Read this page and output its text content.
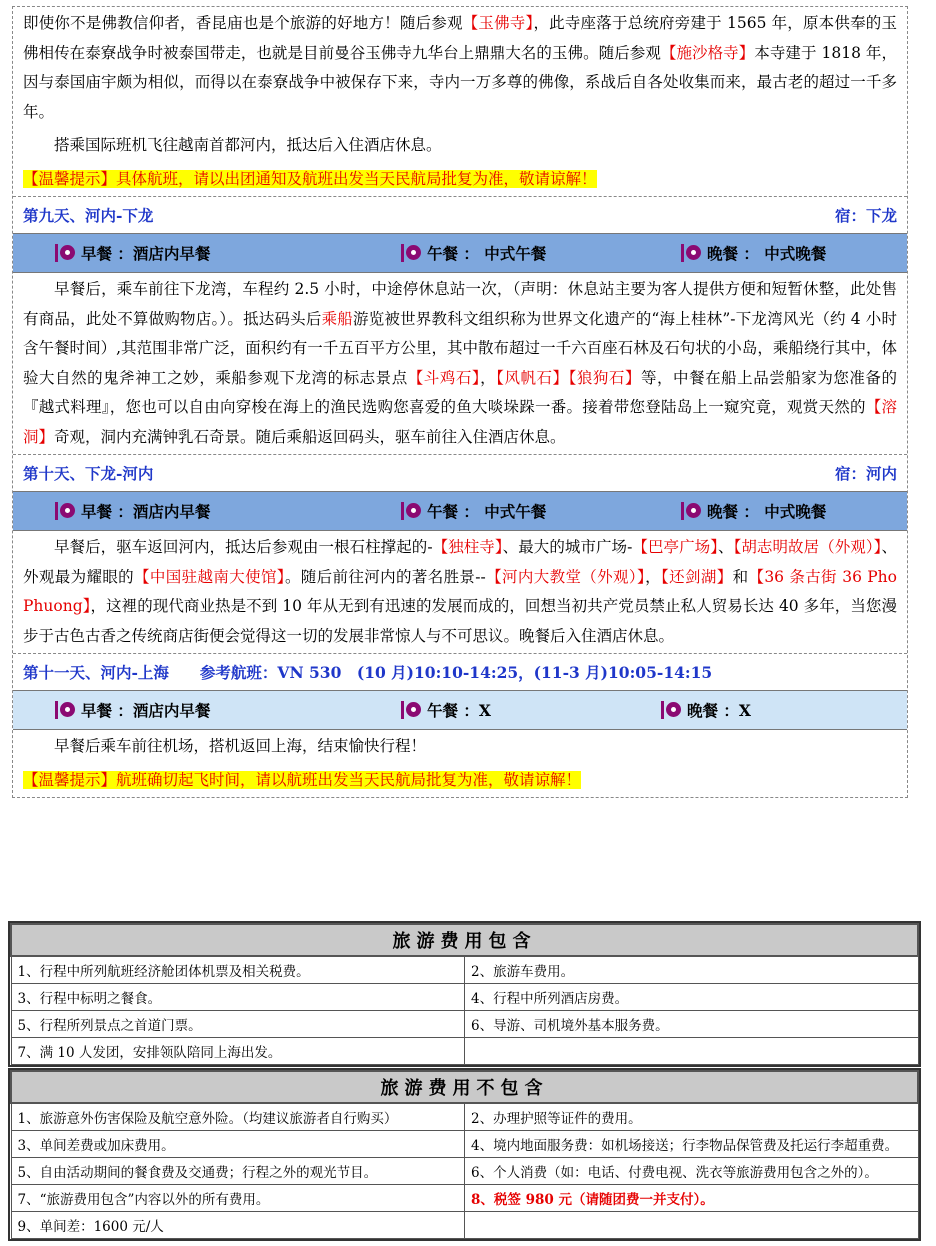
即使你不是佛教信仰者，香昆庙也是个旅游的好地方！随后参观【玉佛寺】，此寺座落于总统府旁建于 1565 年，原本供奉的玉佛相传在泰寮战争时被泰国带走，也就是目前曼谷玉佛寺九华台上鼎鼎大名的玉佛。随后参观【施沙格寺】本寺建于 1818 年，因与泰国庙宇颇为相似，而得以在泰寮战争中被保存下来，寺内一万多尊的佛像，系战后自各处收集而来，最古老的超过一千多年。
搭乘国际班机飞往越南首都河内，抵达后入住酒店休息。
【温馨提示】具体航班，请以出团通知及航班出发当天民航局批复为准，敬请谅解！
第九天、河内-下龙	宿：下龙
早餐 ：酒店内早餐	午餐 ： 中式午餐	晚餐 ： 中式晚餐
早餐后，乘车前往下龙湾，车程约 2.5 小时，中途停休息站一次，（声明：休息站主要为客人提供方便和短暂休整，此处售有商品，此处不算做购物店。）。抵达码头后乘船游览被世界教科文组织称为世界文化遗产的“海上桂林”-下龙湾风光（约 4 小时含午餐时间）,其范围非常广泛，面积约有一千五百平方公里，其中散布超过一千六百座石林及石句状的小岛，乘船绕行其中，体验大自然的鬼斧神工之妙，乘船参观下龙湾的标志景点【斗鸡石】，【风帆石】【狼狗石】等，中餐在船上品尝船家为您准备的『越式料理』，您也可以自由向穿梭在海上的渔民选购您喜爱的鱼大啖垛跺一番。接着带您登陆岛上一窥究竟，观赏天然的【溶洞】奇观，洞内充满钟乳石奇景。随后乘船返回码头，驱车前往入住酒店休息。
第十天、下龙-河内	宿：河内
早餐 ：酒店内早餐	午餐 ： 中式午餐	晚餐 ： 中式晚餐
早餐后，驱车返回河内，抵达后参观由一根石柱撑起的-【独柱寺】、最大的城市广场-【巴亭广场】、【胡志明故居（外观）】、外观最为耀眼的【中国驻越南大使馆】。随后前往河内的著名胜景--【河内大教堂（外观）】，【还剑湖】和【36 条古街 36 Pho Phuong】，这裡的现代商业热是不到 10 年从无到有迅速的发展而成的，回想当初共产党员禁止私人贸易长达 40 多年，当您漫步于古色古香之传统商店街便会觉得这一切的发展非常惊人与不可思议。晚餐后入住酒店休息。
第十一天、河内-上海　　参考航班：VN 530　(10 月)10:10-14:25，(11-3 月)10:05-14:15
早餐 ：酒店内早餐	午餐 ：X	晚餐 ：X
早餐后乘车前往机场，搭机返回上海，结束愉快行程！
【温馨提示】航班确切起飞时间，请以航班出发当天民航局批复为准，敬请谅解！
旅游费用包含	
1、行程中所列航班经济舱团体机票及相关税费。	2、旅游车费用。
3、行程中标明之餐食。	4、行程中所列酒店房费。
5、行程所列景点之首道门票。	6、导游、司机境外基本服务费。
7、满 10 人发团，安排领队陪同上海出发。	
旅游费用不包含	
1、旅游意外伤害保险及航空意外险。（均建议旅游者自行购买）	2、办理护照等证件的费用。
3、单间差费或加床费用。	4、境内地面服务费：如机场接送；行李物品保管费及托运行李超重费。
5、自由活动期间的餐食费及交通费；行程之外的观光节目。	6、个人消费（如：电话、付费电视、洗衣等旅游费用包含之外的）。
7、“旅游费用包含”内容以外的所有费用。	8、税签 980 元（请随团费一并支付）。
9、单间差：1600 元/人	
